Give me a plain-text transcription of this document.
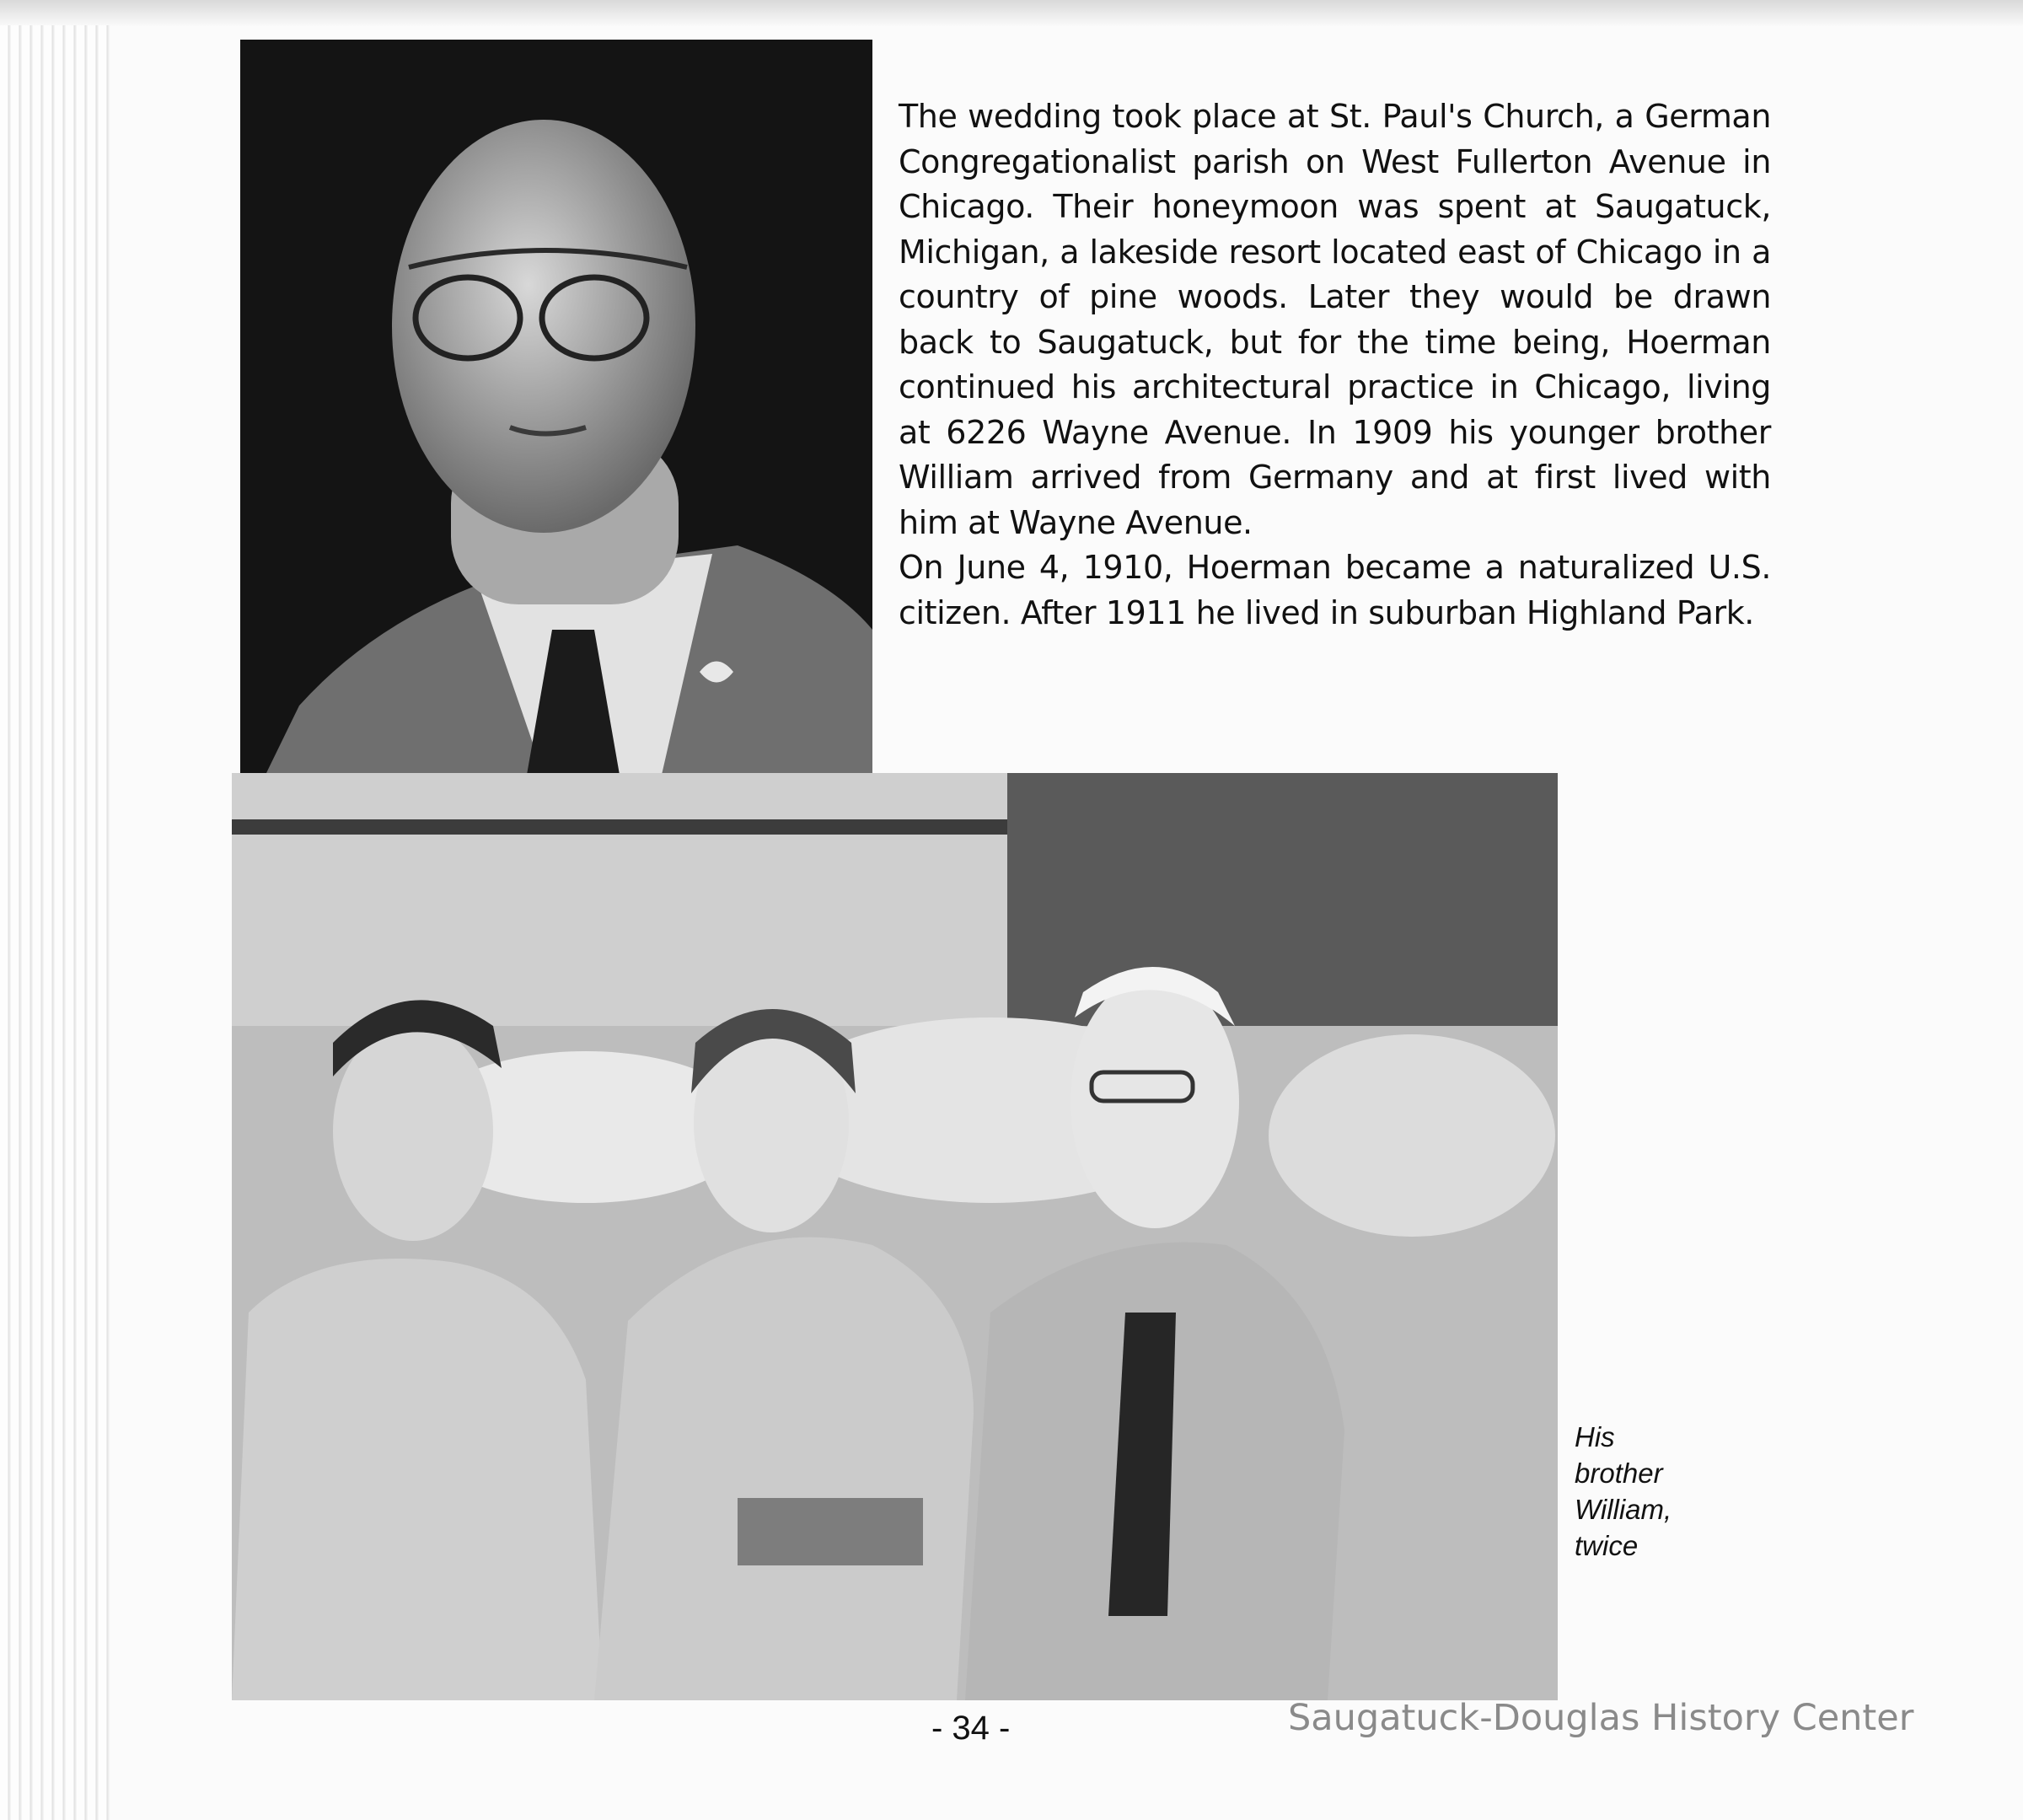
The wedding took place at St. Paul's Church, a German Congregationalist parish on West Fullerton Avenue in Chicago. Their honeymoon was spent at Saugatuck, Michigan, a lakeside resort located east of Chicago in a country of pine woods. Later they would be drawn back to Saugatuck, but for the time being, Hoerman continued his architectural practice in Chicago, living at 6226 Wayne Avenue. In 1909 his younger brother William arrived from Germany and at first lived with him at Wayne Avenue.

On June 4, 1910, Hoerman became a naturalized U.S. citizen. After 1911 he lived in suburban Highland Park.

His
brother
William,
twice
- 34 -	Saugatuck-Douglas History Center
